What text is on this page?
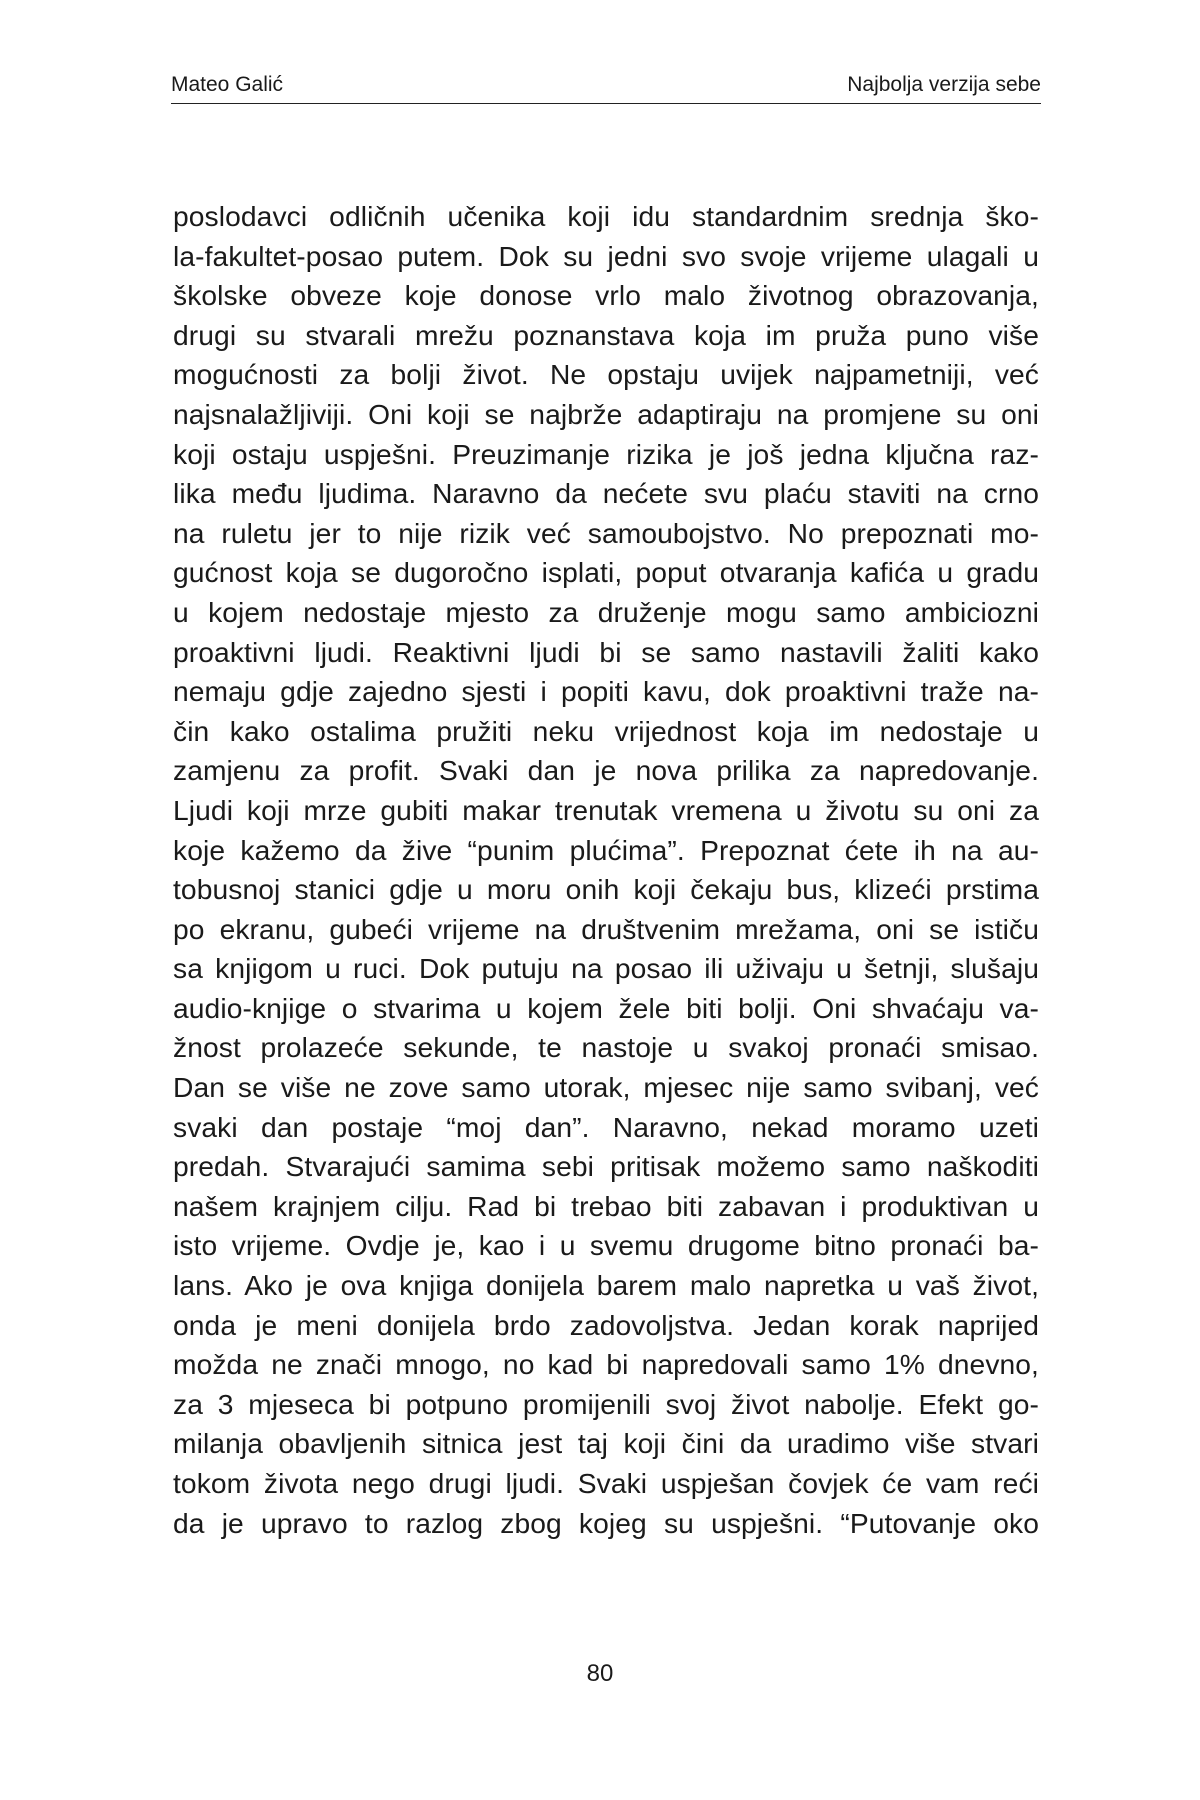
Mateo Galić	Najbolja verzija sebe
poslodavci odličnih učenika koji idu standardnim srednja ško-
la-fakultet-posao putem. Dok su jedni svo svoje vrijeme ulagali u
školske obveze koje donose vrlo malo životnog obrazovanja,
drugi su stvarali mrežu poznanstava koja im pruža puno više
mogućnosti za bolji život. Ne opstaju uvijek najpametniji, već
najsnalažljiviji. Oni koji se najbrže adaptiraju na promjene su oni
koji ostaju uspješni. Preuzimanje rizika je još jedna ključna raz-
lika među ljudima. Naravno da nećete svu plaću staviti na crno
na ruletu jer to nije rizik već samoubojstvo. No prepoznati mo-
gućnost koja se dugoročno isplati, poput otvaranja kafića u gradu
u kojem nedostaje mjesto za druženje mogu samo ambiciozni
proaktivni ljudi. Reaktivni ljudi bi se samo nastavili žaliti kako
nemaju gdje zajedno sjesti i popiti kavu, dok proaktivni traže na-
čin kako ostalima pružiti neku vrijednost koja im nedostaje u
zamjenu za profit. Svaki dan je nova prilika za napredovanje.
Ljudi koji mrze gubiti makar trenutak vremena u životu su oni za
koje kažemo da žive “punim plućima”. Prepoznat ćete ih na au-
tobusnoj stanici gdje u moru onih koji čekaju bus, klizeći prstima
po ekranu, gubeći vrijeme na društvenim mrežama, oni se ističu
sa knjigom u ruci. Dok putuju na posao ili uživaju u šetnji, slušaju
audio-knjige o stvarima u kojem žele biti bolji. Oni shvaćaju va-
žnost prolazeće sekunde, te nastoje u svakoj pronaći smisao.
Dan se više ne zove samo utorak, mjesec nije samo svibanj, već
svaki dan postaje “moj dan”. Naravno, nekad moramo uzeti
predah. Stvarajući samima sebi pritisak možemo samo naškoditi
našem krajnjem cilju. Rad bi trebao biti zabavan i produktivan u
isto vrijeme. Ovdje je, kao i u svemu drugome bitno pronaći ba-
lans. Ako je ova knjiga donijela barem malo napretka u vaš život,
onda je meni donijela brdo zadovoljstva. Jedan korak naprijed
možda ne znači mnogo, no kad bi napredovali samo 1% dnevno,
za 3 mjeseca bi potpuno promijenili svoj život nabolje. Efekt go-
milanja obavljenih sitnica jest taj koji čini da uradimo više stvari
tokom života nego drugi ljudi. Svaki uspješan čovjek će vam reći
da je upravo to razlog zbog kojeg su uspješni. “Putovanje oko
80
